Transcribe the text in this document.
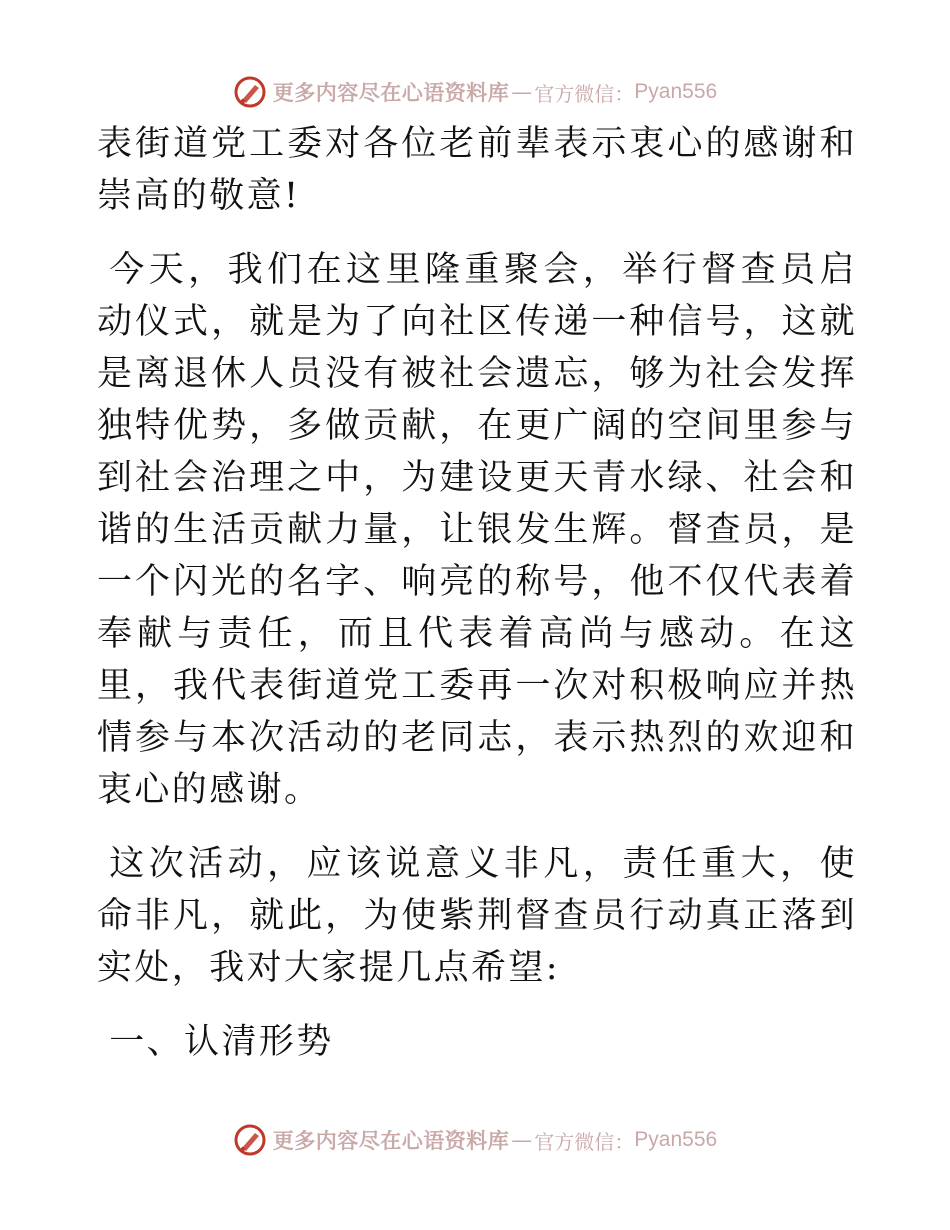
更多内容尽在心语资料库 — 官方微信： Pyan556

表街道党工委对各位老前辈表示衷心的感谢和崇高的敬意!

今天，我们在这里隆重聚会，举行督查员启动仪式，就是为了向社区传递一种信号，这就是离退休人员没有被社会遗忘，够为社会发挥独特优势，多做贡献，在更广阔的空间里参与到社会治理之中，为建设更天青水绿、社会和谐的生活贡献力量，让银发生辉。督查员，是一个闪光的名字、响亮的称号，他不仅代表着奉献与责任，而且代表着高尚与感动。在这里，我代表街道党工委再一次对积极响应并热情参与本次活动的老同志，表示热烈的欢迎和衷心的感谢。

这次活动，应该说意义非凡，责任重大，使命非凡，就此，为使紫荆督查员行动真正落到实处，我对大家提几点希望:

一、认清形势

更多内容尽在心语资料库 — 官方微信： Pyan556
